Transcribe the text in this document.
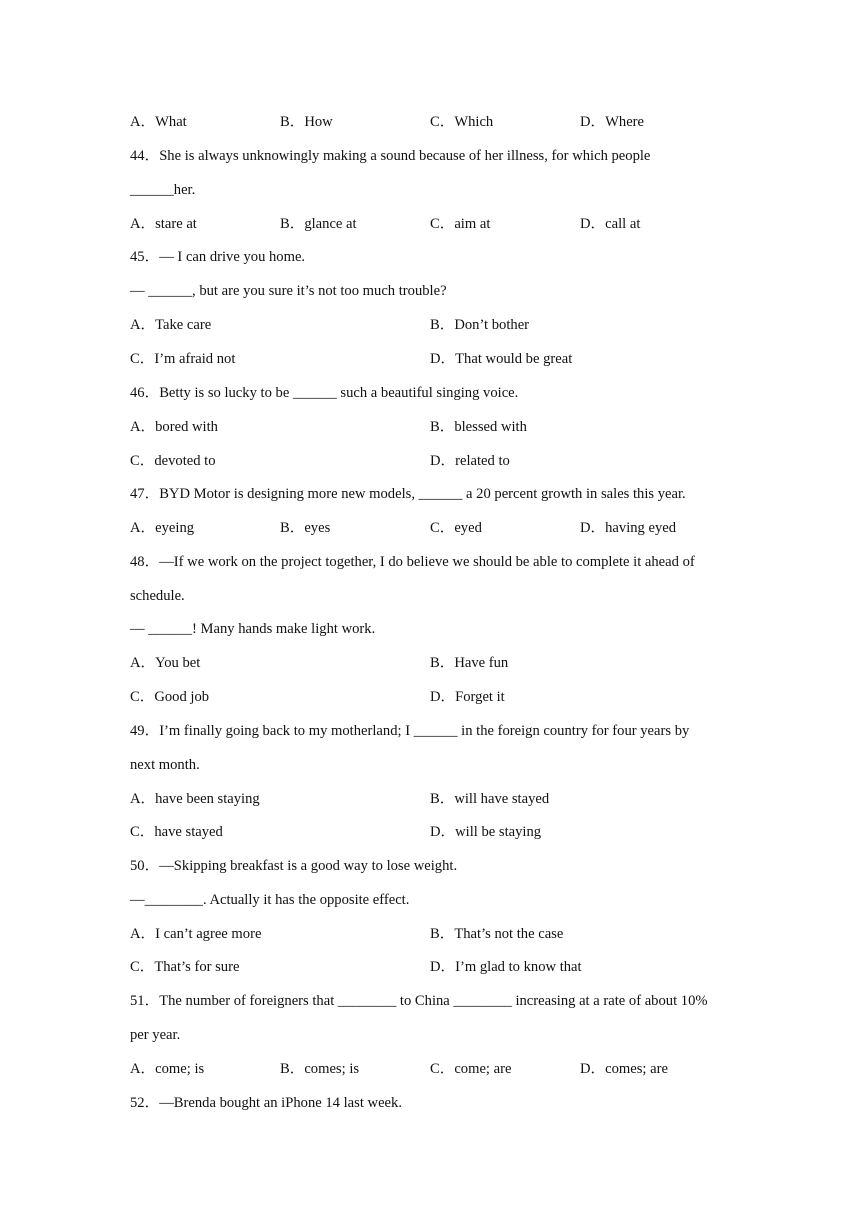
A．What	B．How	C．Which	D．Where
44．She is always unknowingly making a sound because of her illness, for which people
______her.
A．stare at	B．glance at	C．aim at	D．call at
45．— I can drive you home.
— ______, but are you sure it’s not too much trouble?
A．Take care	B．Don’t bother
C．I’m afraid not	D．That would be great
46．Betty is so lucky to be ______ such a beautiful singing voice.
A．bored with	B．blessed with
C．devoted to	D．related to
47．BYD Motor is designing more new models, ______ a 20 percent growth in sales this year.
A．eyeing	B．eyes	C．eyed	D．having eyed
48．—If we work on the project together, I do believe we should be able to complete it ahead of
schedule.
— ______! Many hands make light work.
A．You bet	B．Have fun
C．Good job	D．Forget it
49．I’m finally going back to my motherland; I ______ in the foreign country for four years by
next month.
A．have been staying	B．will have stayed
C．have stayed	D．will be staying
50．—Skipping breakfast is a good way to lose weight.
—________. Actually it has the opposite effect.
A．I can’t agree more	B．That’s not the case
C．That’s for sure	D．I’m glad to know that
51．The number of foreigners that ________ to China ________ increasing at a rate of about 10%
per year.
A．come; is	B．comes; is	C．come; are	D．comes; are
52．—Brenda bought an iPhone 14 last week.
